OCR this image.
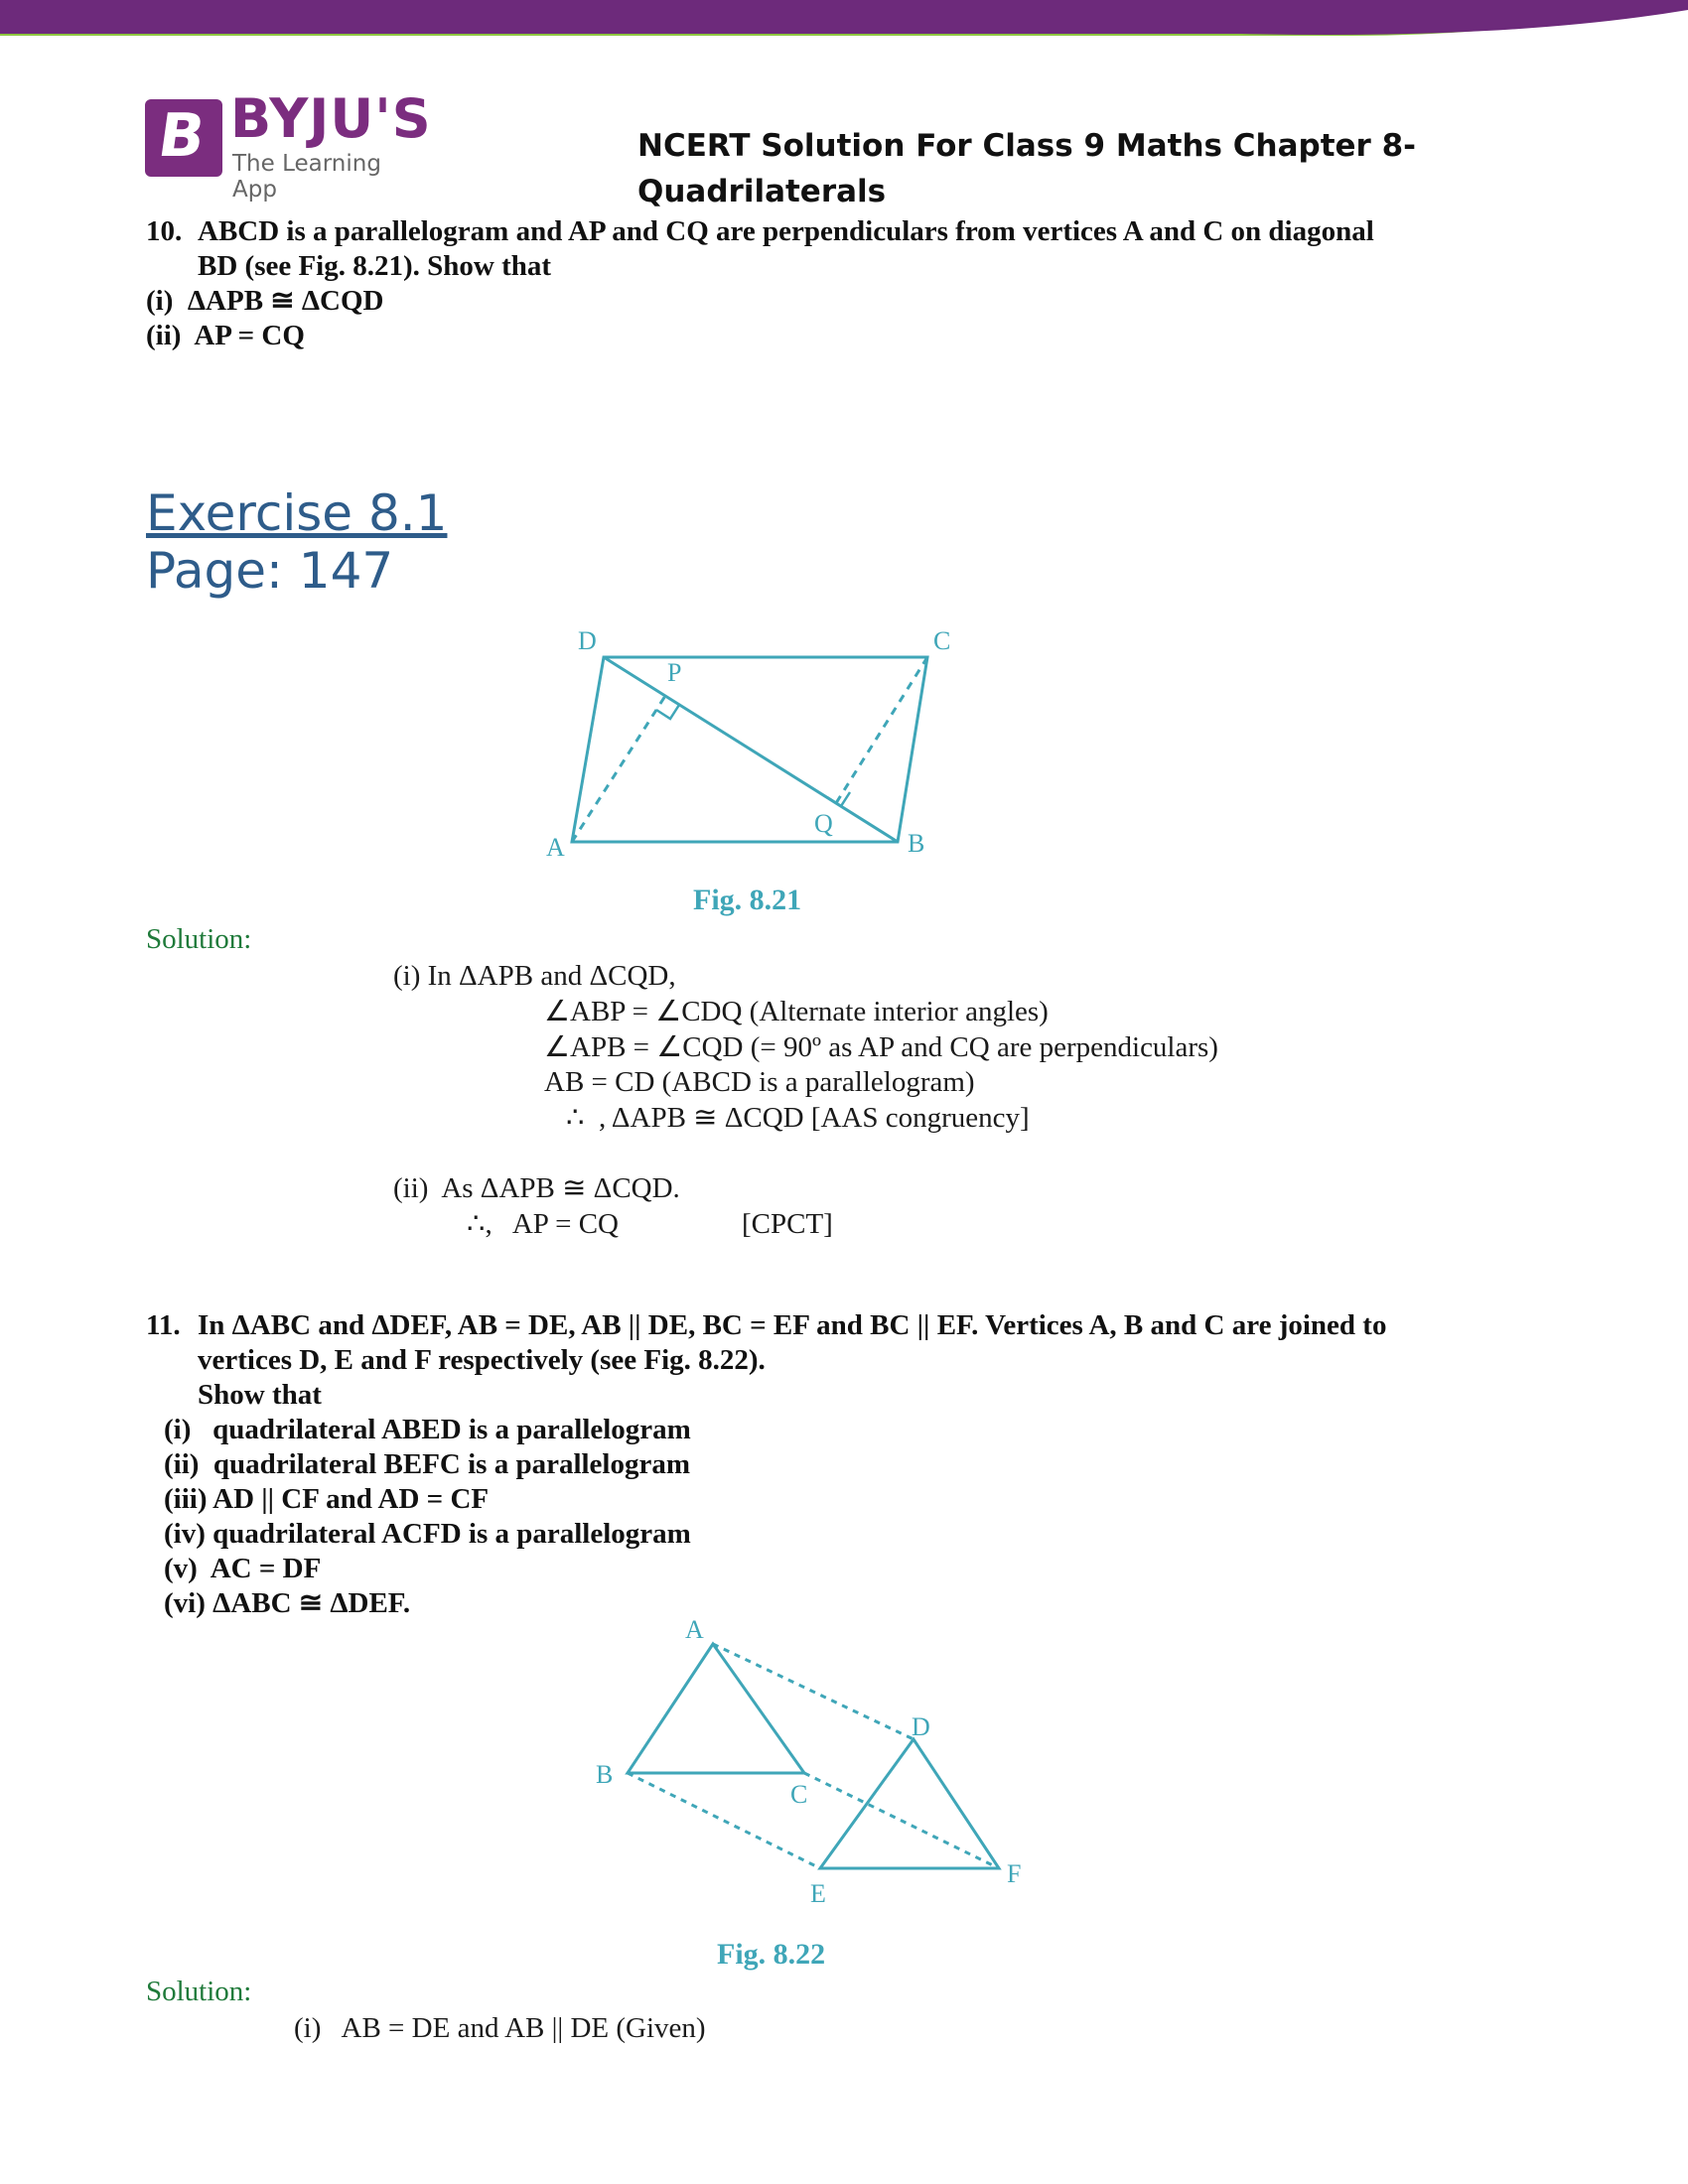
B BYJU'S
The Learning App
NCERT Solution For Class 9 Maths Chapter 8- Quadrilaterals
10. ABCD is a parallelogram and AP and CQ are perpendiculars from vertices A and C on diagonal
BD (see Fig. 8.21). Show that
(i)  ΔAPB ≅ ΔCQD
(ii)  AP = CQ
Exercise 8.1
Page: 147
D	C
P
Q
A	B
Fig. 8.21
Solution:
(i) In ΔAPB and ΔCQD,
∠ABP = ∠CDQ (Alternate interior angles)
∠APB = ∠CQD (= 90º as AP and CQ are perpendiculars)
AB = CD (ABCD is a parallelogram)
∴  , ΔAPB ≅ ΔCQD [AAS congruency]
(ii)  As ΔAPB ≅ ΔCQD.
∴,   AP = CQ	[CPCT]
11. In ΔABC and ΔDEF, AB = DE, AB || DE, BC = EF and BC || EF. Vertices A, B and C are joined to
vertices D, E and F respectively (see Fig. 8.22).
Show that
(i)   quadrilateral ABED is a parallelogram
(ii)  quadrilateral BEFC is a parallelogram
(iii) AD || CF and AD = CF
(iv) quadrilateral ACFD is a parallelogram
(v)  AC = DF
(vi) ΔABC ≅ ΔDEF.
A
B
C
D
E
F
Fig. 8.22
Solution:
(i)   AB = DE and AB || DE (Given)
